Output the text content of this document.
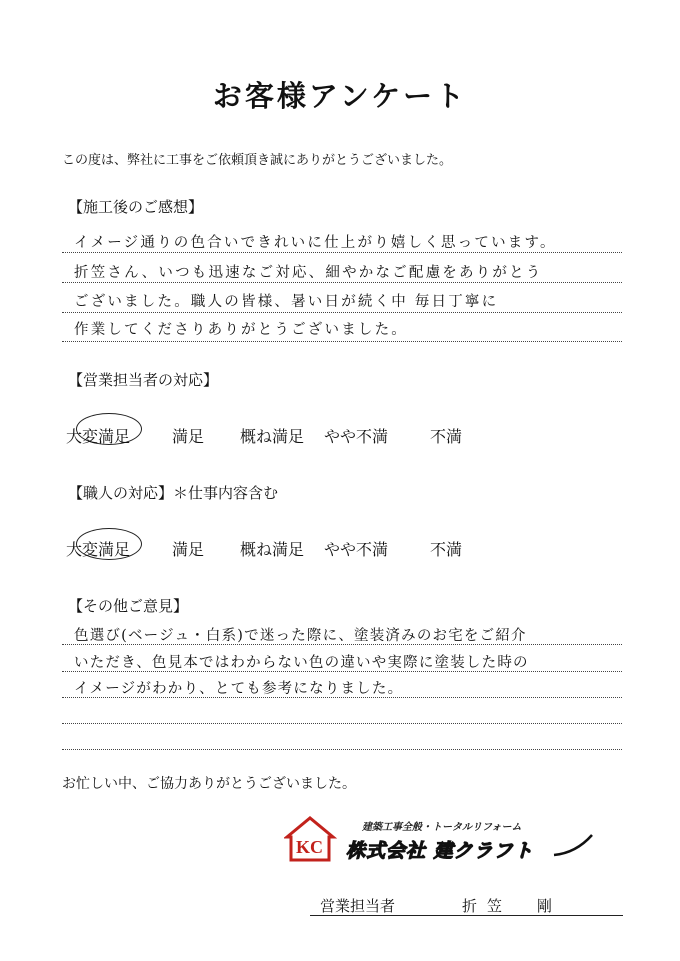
お客様アンケート
この度は、弊社に工事をご依頼頂き誠にありがとうございました。
【施工後のご感想】
イメージ通りの色合いできれいに仕上がり嬉しく思っています。
折笠さん、いつも迅速なご対応、細やかなご配慮をありがとう
ございました。職人の皆様、暑い日が続く中 毎日丁寧に
作業してくださりありがとうございました。
【営業担当者の対応】
大変満足	満足 概ね満足 やや不満	不満
【職人の対応】＊仕事内容含む
大変満足	満足 概ね満足 やや不満	不満
【その他ご意見】
色選び(ベージュ・白系)で迷った際に、塗装済みのお宅をご紹介
いただき、色見本ではわからない色の違いや実際に塗装した時の
イメージがわかり、とても参考になりました。
お忙しい中、ご協力ありがとうございました。
KC
建築工事全般・トータルリフォーム
株式会社 建クラフト
営業担当者	折笠　剛
